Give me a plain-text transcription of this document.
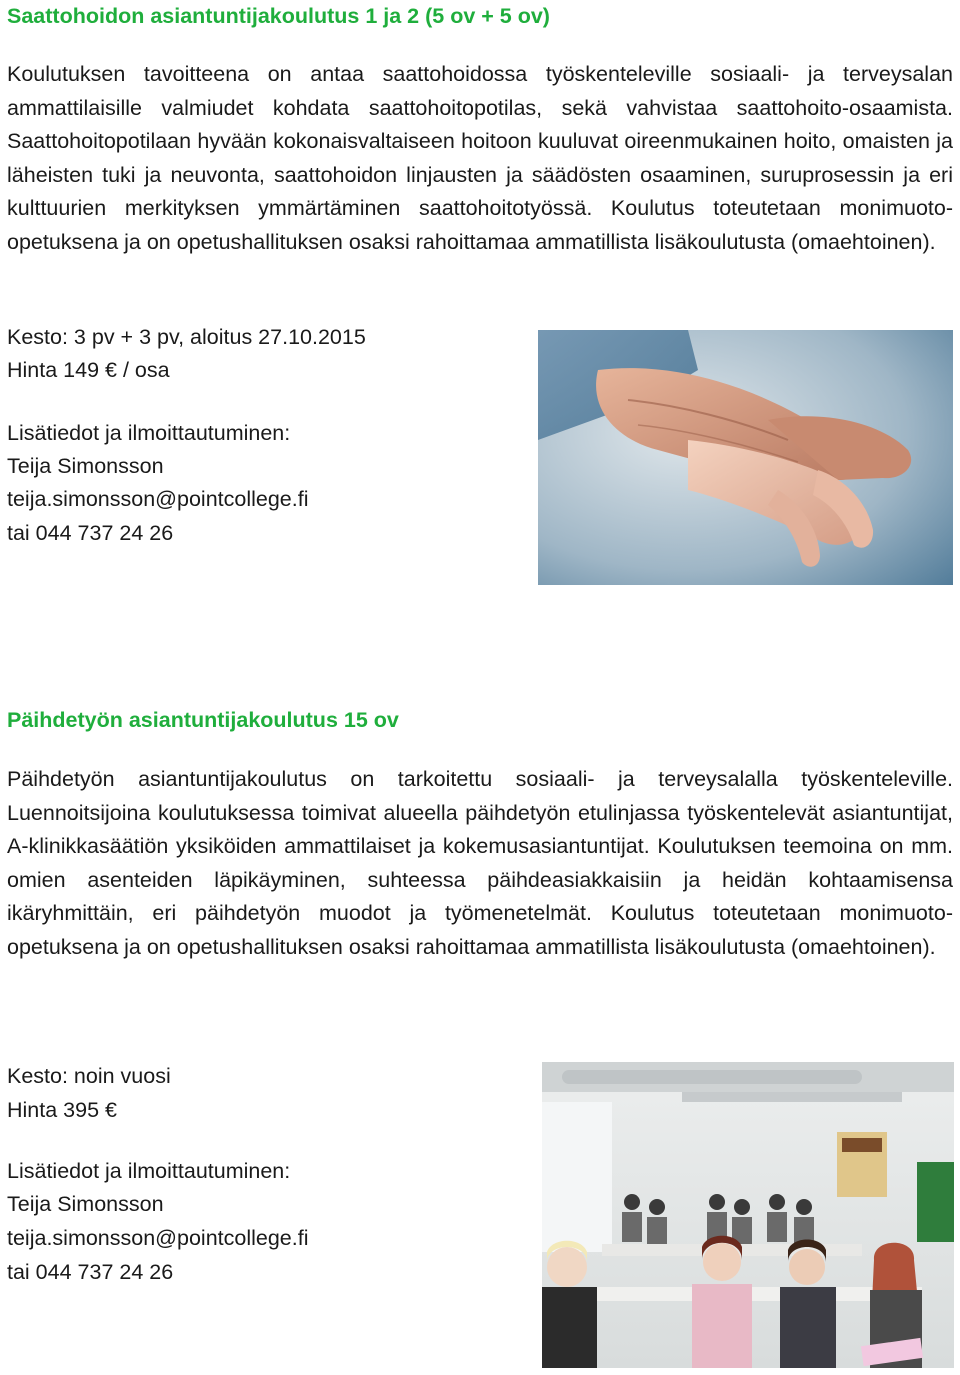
Saattohoidon asiantuntijakoulutus 1 ja 2 (5 ov + 5 ov)

Koulutuksen tavoitteena on antaa saattohoidossa työskenteleville sosiaali- ja terveysalan ammattilaisille valmiudet kohdata saattohoitopotilas, sekä vahvistaa saattohoito-osaamista. Saattohoitopotilaan hyvään kokonaisvaltaiseen hoitoon kuuluvat oireenmukainen hoito, omaisten ja läheisten tuki ja neuvonta, saattohoidon linjausten ja säädösten osaaminen, suruprosessin ja eri kulttuurien merkityksen ymmärtäminen saattohoitotyössä. Koulutus toteutetaan monimuoto-opetuksena ja on opetushallituksen osaksi rahoittamaa ammatillista lisäkoulutusta (omaehtoinen).

Kesto: 3 pv + 3 pv, aloitus 27.10.2015

Hinta 149 € / osa

Lisätiedot ja ilmoittautuminen:

Teija Simonsson

teija.simonsson@pointcollege.fi

tai 044 737 24 26

Päihdetyön asiantuntijakoulutus 15 ov

Päihdetyön asiantuntijakoulutus on tarkoitettu sosiaali- ja terveysalalla työskenteleville. Luennoitsijoina koulutuksessa toimivat alueella päihdetyön etulinjassa työskentelevät asiantuntijat, A-klinikkasäätiön yksiköiden ammattilaiset ja kokemusasiantuntijat. Koulutuksen teemoina on mm. omien asenteiden läpikäyminen, suhteessa päihdeasiakkaisiin ja heidän kohtaamisensa ikäryhmittäin, eri päihdetyön muodot ja työmenetelmät. Koulutus toteutetaan monimuotoopetuksena ja on opetushallituksen osaksi rahoittamaa ammatillista lisäkoulutusta (omaehtoinen).

Kesto: noin vuosi

Hinta 395 €

Lisätiedot ja ilmoittautuminen:

Teija Simonsson

teija.simonsson@pointcollege.fi

tai 044 737 24 26
